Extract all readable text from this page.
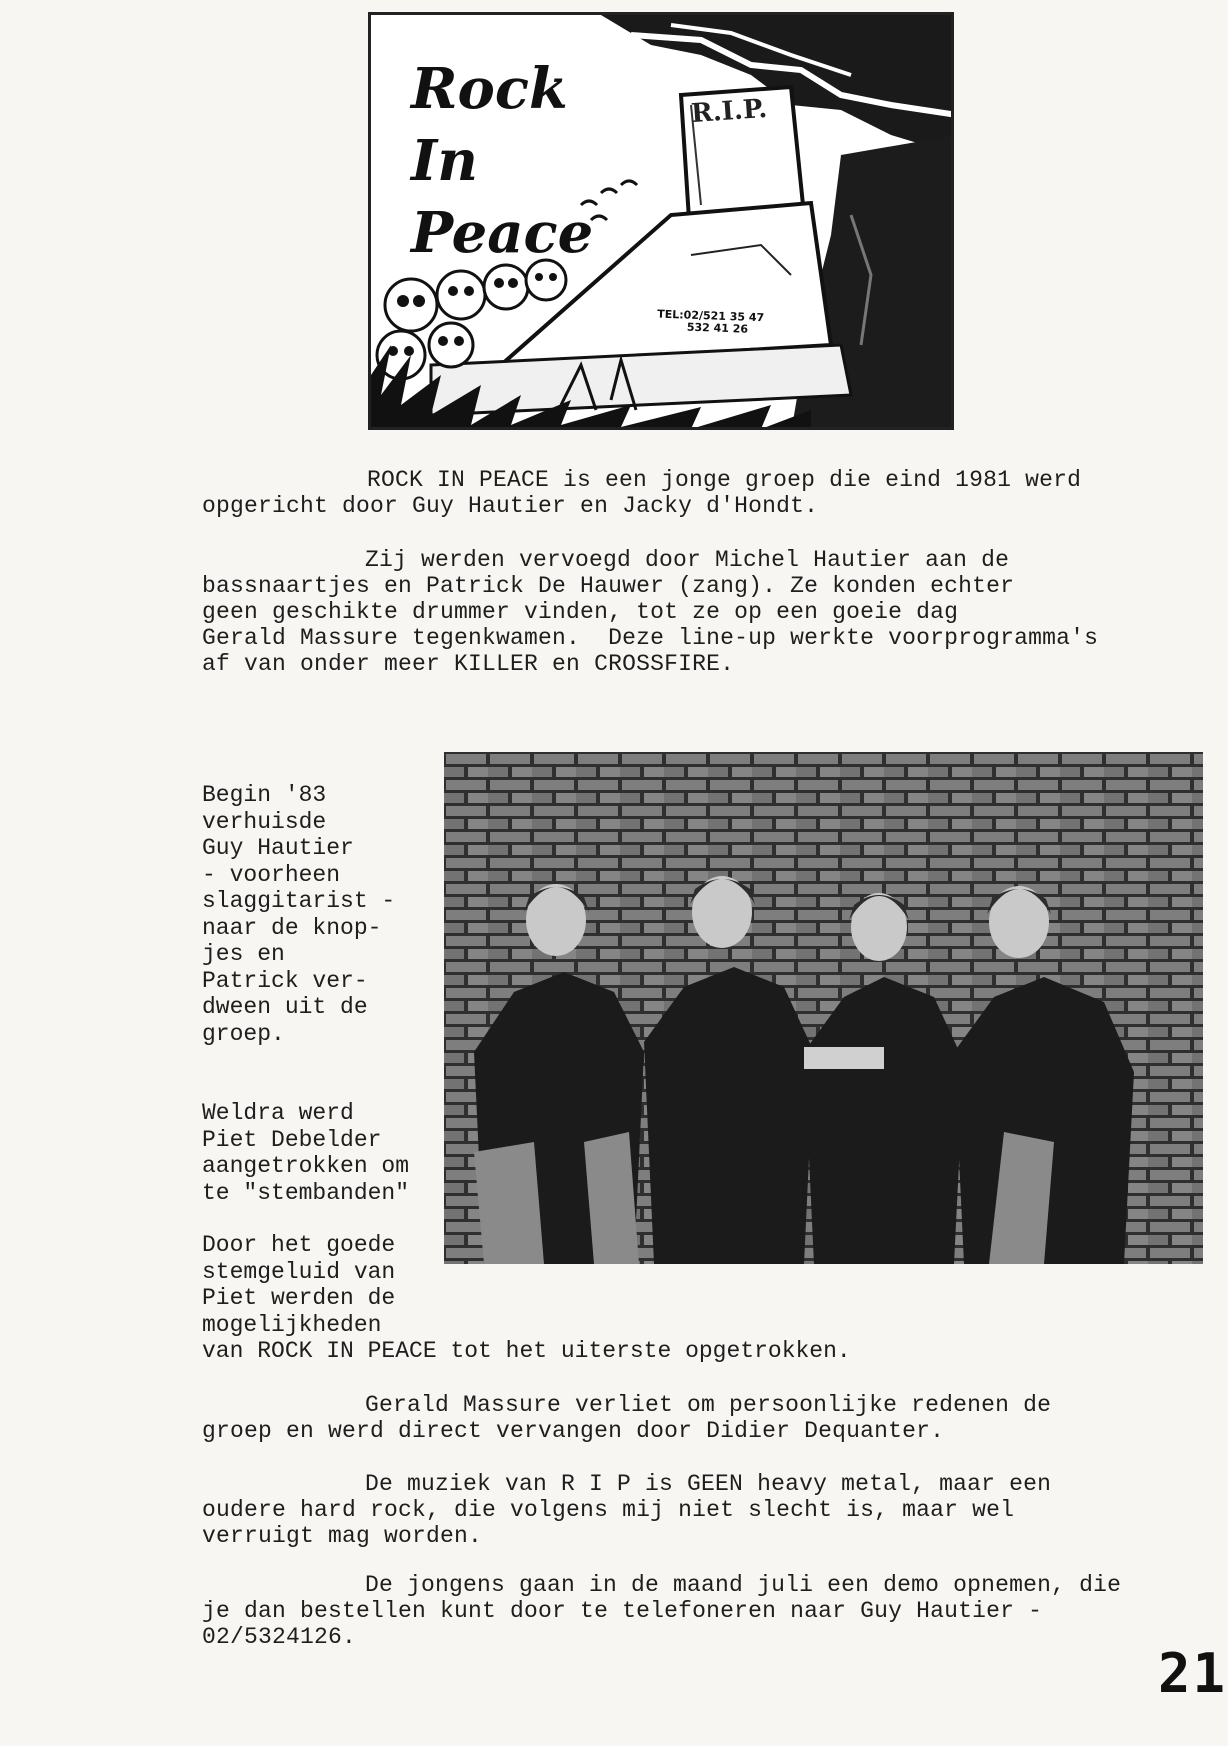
Rock
In
Peace
R.I.P.
TEL:02/521 35 47
532 41 26
ROCK IN PEACE is een jonge groep die eind 1981 werd
opgericht door Guy Hautier en Jacky d'Hondt.
Zij werden vervoegd door Michel Hautier aan de
bassnaartjes en Patrick De Hauwer (zang). Ze konden echter
geen geschikte drummer vinden, tot ze op een goeie dag
Gerald Massure tegenkwamen.  Deze line-up werkte voorprogramma's
af van onder meer KILLER en CROSSFIRE.
Begin '83
verhuisde
Guy Hautier
- voorheen
slaggitarist -
naar de knop-
jes en
Patrick ver-
dween uit de
groep.
Weldra werd
Piet Debelder
aangetrokken om
te "stembanden"
Door het goede
stemgeluid van
Piet werden de
mogelijkheden
van ROCK IN PEACE tot het uiterste opgetrokken.
Gerald Massure verliet om persoonlijke redenen de
groep en werd direct vervangen door Didier Dequanter.
De muziek van R I P is GEEN heavy metal, maar een
oudere hard rock, die volgens mij niet slecht is, maar wel
verruigt mag worden.
De jongens gaan in de maand juli een demo opnemen, die
je dan bestellen kunt door te telefoneren naar Guy Hautier -
02/5324126.
21
